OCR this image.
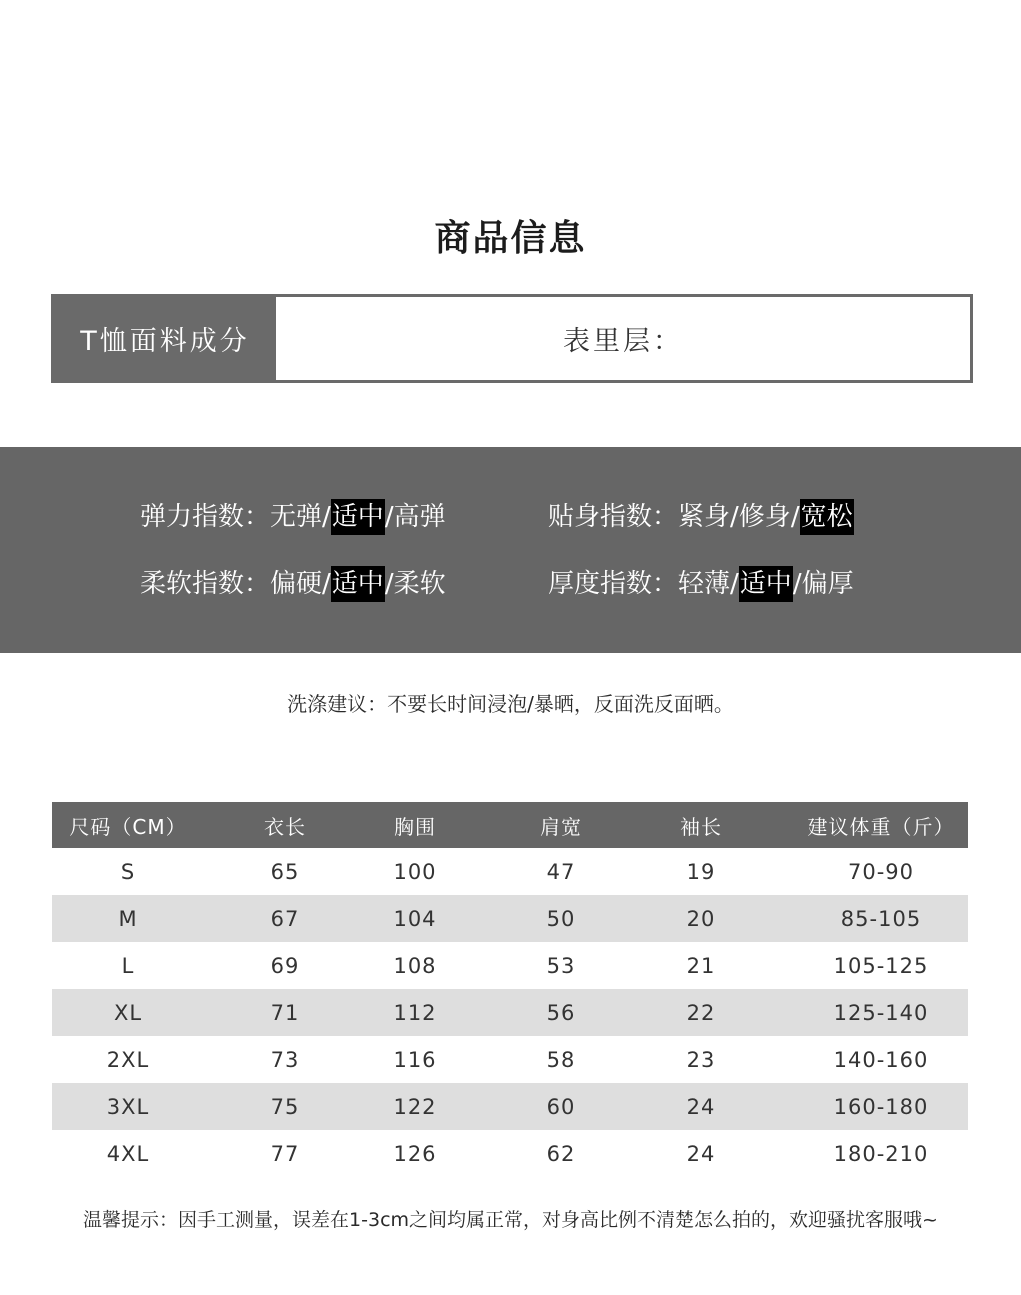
商品信息
T恤面料成分	表里层：
弹力指数：无弹/适中/高弹	贴身指数：紧身/修身/宽松
柔软指数：偏硬/适中/柔软	厚度指数：轻薄/适中/偏厚
洗涤建议：不要长时间浸泡/暴晒，反面洗反面晒。
尺码（CM）	衣长	胸围	肩宽	袖长	建议体重（斤）
S	65	100	47	19	70-90
M	67	104	50	20	85-105
L	69	108	53	21	105-125
XL	71	112	56	22	125-140
2XL	73	116	58	23	140-160
3XL	75	122	60	24	160-180
4XL	77	126	62	24	180-210
温馨提示：因手工测量，误差在1-3cm之间均属正常，对身高比例不清楚怎么拍的，欢迎骚扰客服哦~
